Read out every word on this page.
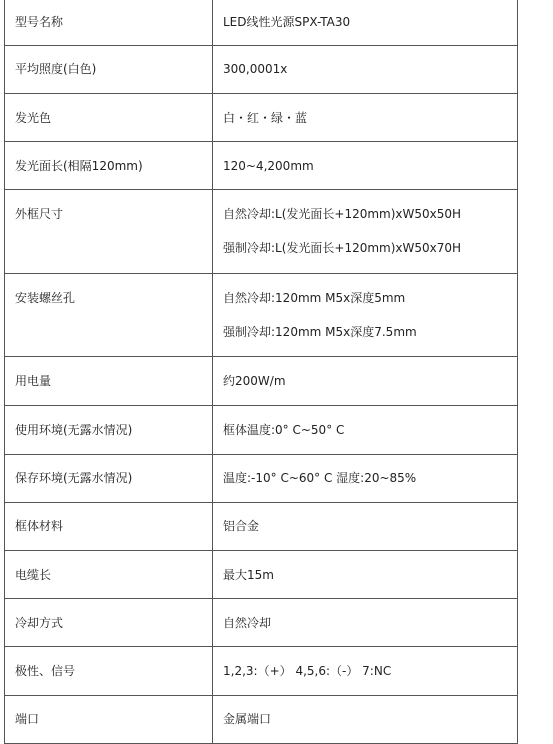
型号名称	LED线性光源SPX-TA30
平均照度(白色)	300,0001x
发光色	白・红・绿・蓝
发光面长(相隔120mm)	120~4,200mm
外框尺寸	自然冷却:L(发光面长+120mm)xW50x50H
强制冷却:L(发光面长+120mm)xW50x70H

安装螺丝孔	自然冷却:120mm M5x深度5mm
强制冷却:120mm M5x深度7.5mm

用电量	约200W/m
使用环境(无露水情况)	框体温度:0° C~50° C
保存环境(无露水情况)	温度:-10° C~60° C 湿度:20~85%
框体材料	铝合金
电缆长	最大15m
冷却方式	自然冷却
极性、信号	1,2,3:（+） 4,5,6:（-） 7:NC
端口	金属端口
